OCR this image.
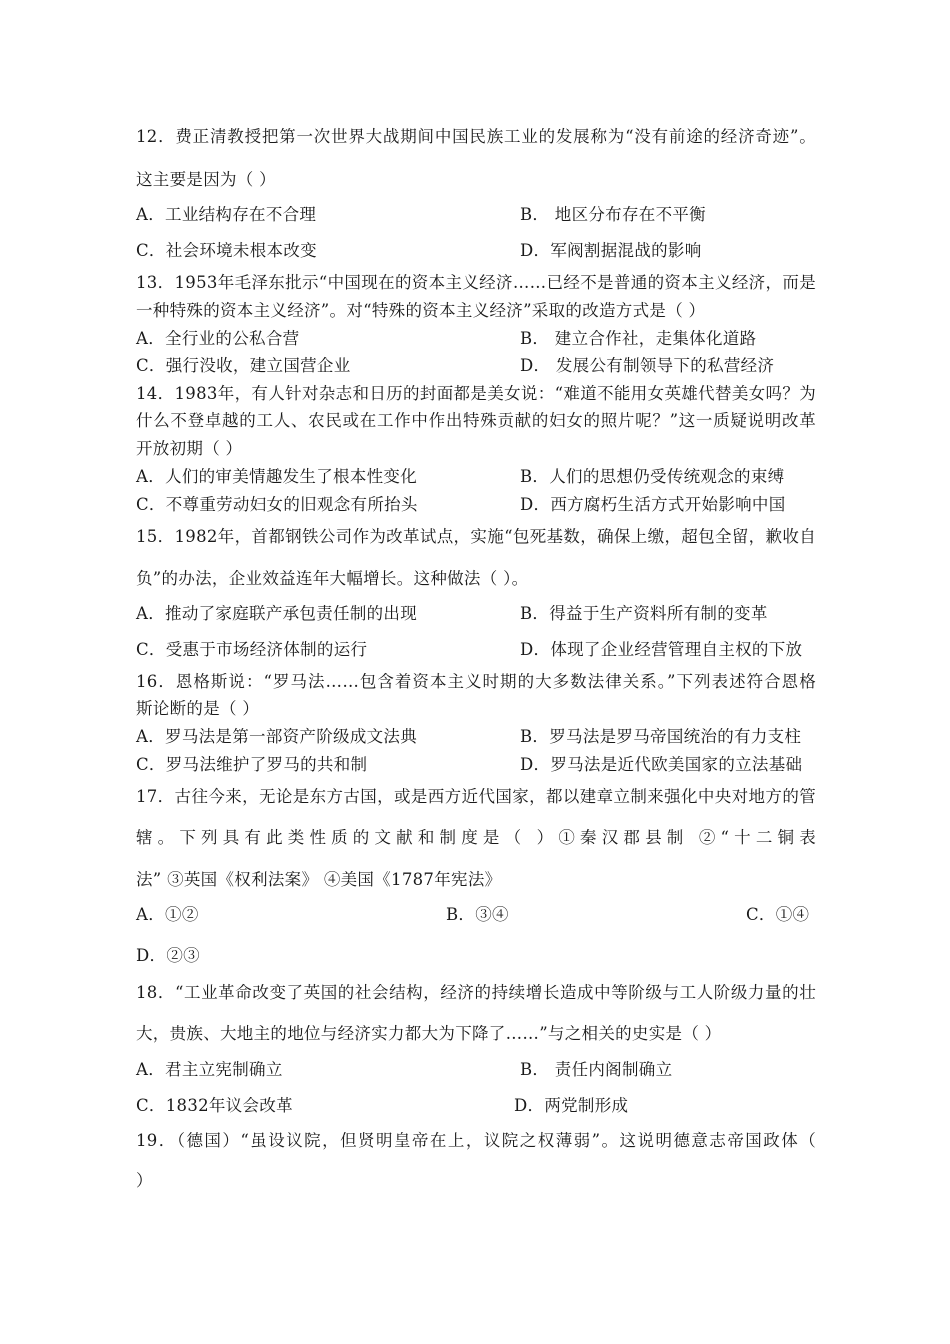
12．费正清教授把第一次世界大战期间中国民族工业的发展称为“没有前途的经济奇迹”。
这主要是因为（ ）
A．工业结构存在不合理	B． 地区分布存在不平衡
C．社会环境未根本改变	D．军阀割据混战的影响
13．1953年毛泽东批示“中国现在的资本主义经济……已经不是普通的资本主义经济，而是
一种特殊的资本主义经济”。对“特殊的资本主义经济”采取的改造方式是（ ）
A．全行业的公私合营	B． 建立合作社，走集体化道路
C．强行没收，建立国营企业	D． 发展公有制领导下的私营经济
14．1983年，有人针对杂志和日历的封面都是美女说：“难道不能用女英雄代替美女吗？为
什么不登卓越的工人、农民或在工作中作出特殊贡献的妇女的照片呢？”这一质疑说明改革
开放初期（ ）
A．人们的审美情趣发生了根本性变化	B．人们的思想仍受传统观念的束缚
C．不尊重劳动妇女的旧观念有所抬头	D．西方腐朽生活方式开始影响中国
15．1982年，首都钢铁公司作为改革试点，实施“包死基数，确保上缴，超包全留，歉收自
负”的办法，企业效益连年大幅增长。这种做法（ ）。
A．推动了家庭联产承包责任制的出现	B．得益于生产资料所有制的变革
C．受惠于市场经济体制的运行	D．体现了企业经营管理自主权的下放
16．恩格斯说：“罗马法……包含着资本主义时期的大多数法律关系。”下列表述符合恩格
斯论断的是（ ）
A．罗马法是第一部资产阶级成文法典	B．罗马法是罗马帝国统治的有力支柱
C．罗马法维护了罗马的共和制	D．罗马法是近代欧美国家的立法基础
17．古往今来，无论是东方古国，或是西方近代国家，都以建章立制来强化中央对地方的管
辖。下列具有此类性质的文献和制度是（ ）①秦汉郡县制 ②“十二铜表
法” ③英国《权利法案》 ④美国《1787年宪法》
A．①②	B．③④	C．①④
D．②③
18．“工业革命改变了英国的社会结构，经济的持续增长造成中等阶级与工人阶级力量的壮
大，贵族、大地主的地位与经济实力都大为下降了……”与之相关的史实是（ ）
A．君主立宪制确立	B． 责任内阁制确立
C．1832年议会改革	D．两党制形成
19．（德国）“虽设议院，但贤明皇帝在上，议院之权薄弱”。这说明德意志帝国政体（
）
